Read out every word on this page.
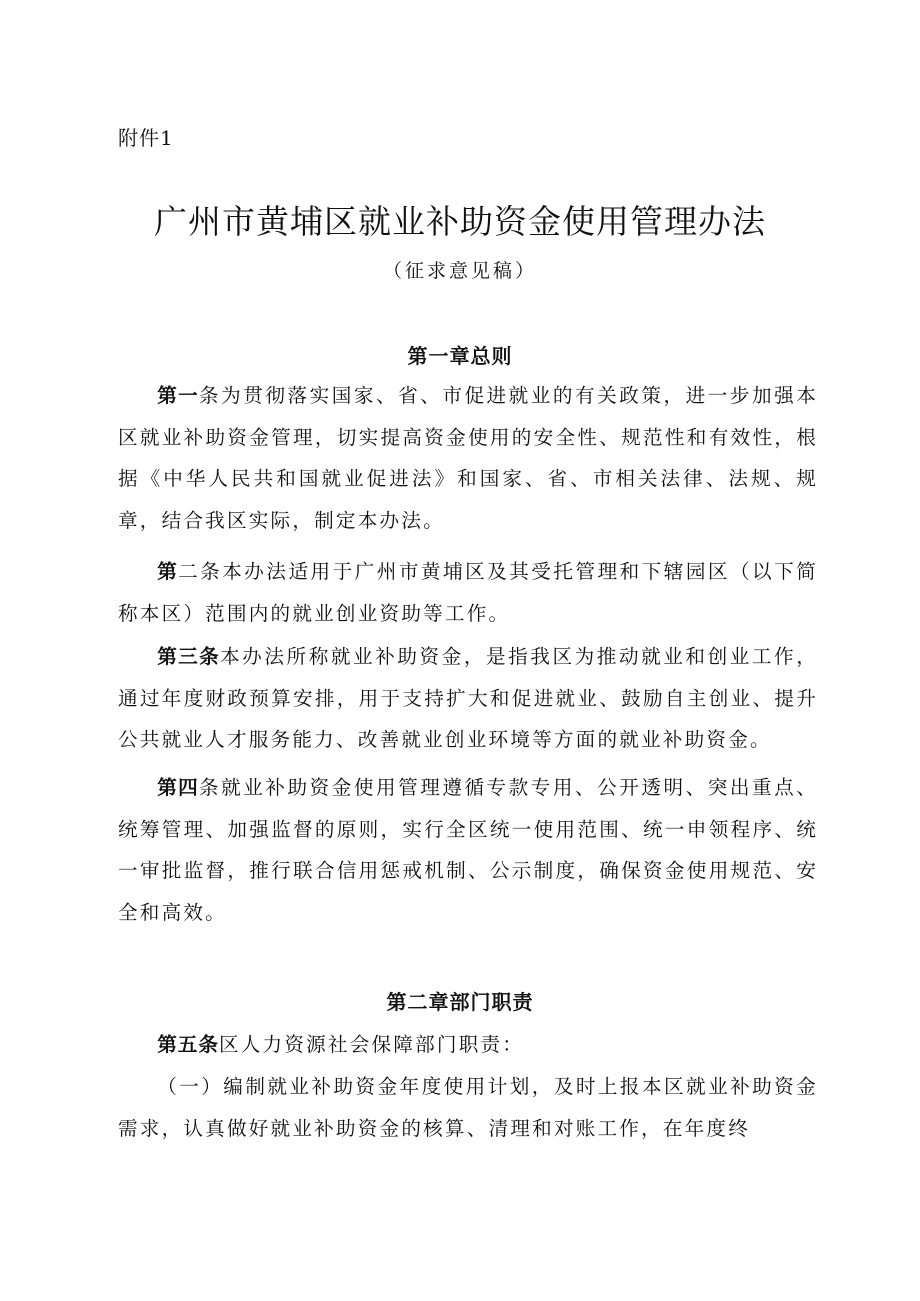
附件1
广州市黄埔区就业补助资金使用管理办法
（征求意见稿）
第一章总则

第一条为贯彻落实国家、省、市促进就业的有关政策，进一步加强本区就业补助资金管理，切实提高资金使用的安全性、规范性和有效性，根据《中华人民共和国就业促进法》和国家、省、市相关法律、法规、规章，结合我区实际，制定本办法。

第二条本办法适用于广州市黄埔区及其受托管理和下辖园区（以下简称本区）范围内的就业创业资助等工作。

第三条本办法所称就业补助资金，是指我区为推动就业和创业工作，通过年度财政预算安排，用于支持扩大和促进就业、鼓励自主创业、提升公共就业人才服务能力、改善就业创业环境等方面的就业补助资金。

第四条就业补助资金使用管理遵循专款专用、公开透明、突出重点、统筹管理、加强监督的原则，实行全区统一使用范围、统一申领程序、统一审批监督，推行联合信用惩戒机制、公示制度，确保资金使用规范、安全和高效。

第二章部门职责

第五条区人力资源社会保障部门职责：

（一）编制就业补助资金年度使用计划，及时上报本区就业补助资金需求，认真做好就业补助资金的核算、清理和对账工作，在年度终
